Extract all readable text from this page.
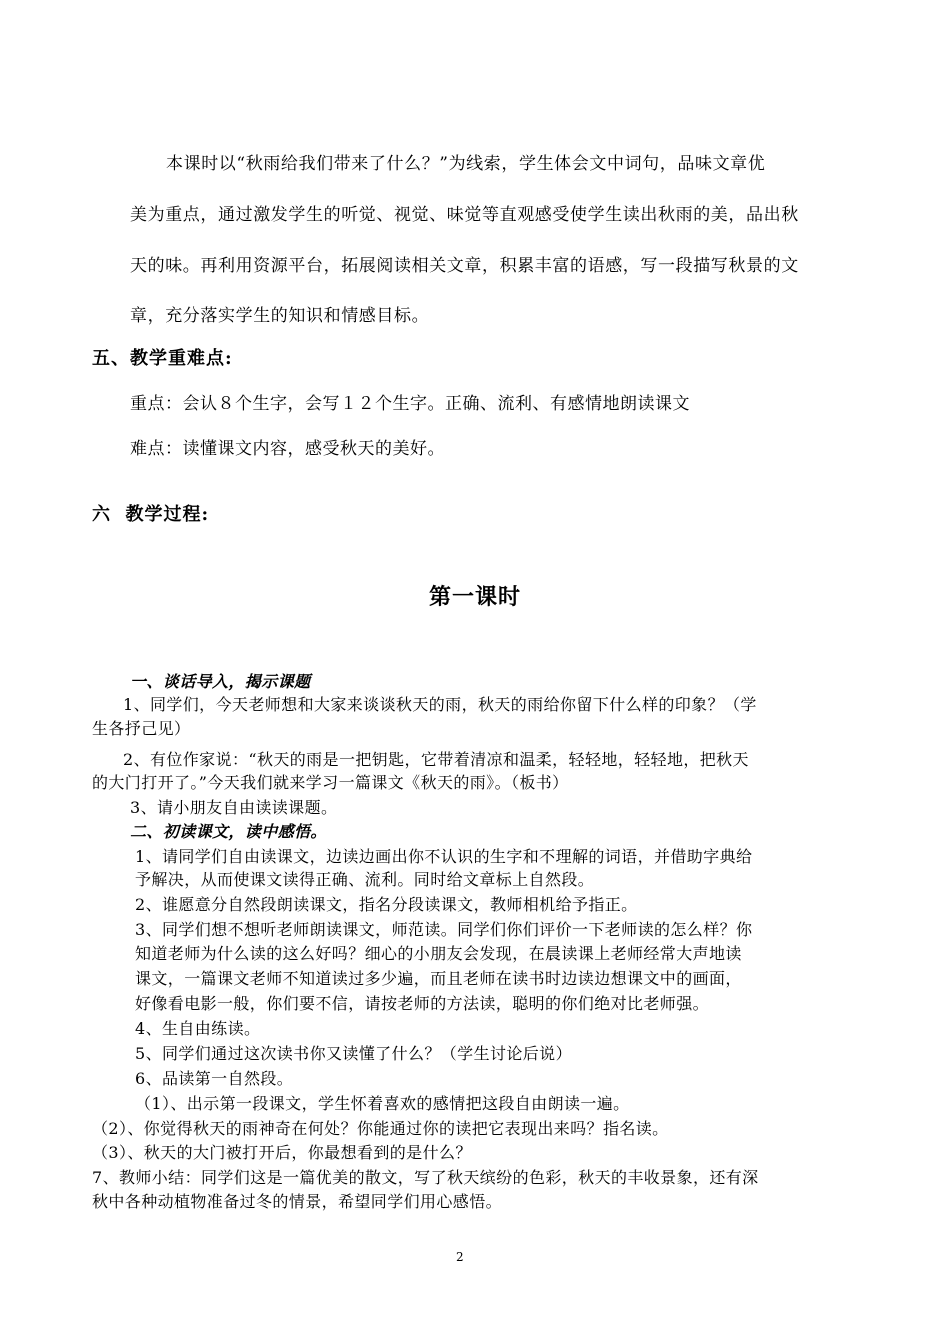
本课时以“秋雨给我们带来了什么？”为线索，学生体会文中词句，品味文章优
美为重点，通过激发学生的听觉、视觉、味觉等直观感受使学生读出秋雨的美，品出秋
天的味。再利用资源平台，拓展阅读相关文章，积累丰富的语感，写一段描写秋景的文
章，充分落实学生的知识和情感目标。
五、教学重难点:
重点：会认８个生字，会写１２个生字。正确、流利、有感情地朗读课文
难点：读懂课文内容，感受秋天的美好。
六  教学过程:
第一课时
一、谈话导入，揭示课题
1、同学们，今天老师想和大家来谈谈秋天的雨，秋天的雨给你留下什么样的印象？（学
生各抒己见）
2、有位作家说：“秋天的雨是一把钥匙，它带着清凉和温柔，轻轻地，轻轻地，把秋天
的大门打开了。”今天我们就来学习一篇课文《秋天的雨》。（板书）
3、请小朋友自由读读课题。
二、初读课文，读中感悟。
1、请同学们自由读课文，边读边画出你不认识的生字和不理解的词语，并借助字典给
予解决，从而使课文读得正确、流利。同时给文章标上自然段。
2、谁愿意分自然段朗读课文，指名分段读课文，教师相机给予指正。
3、同学们想不想听老师朗读课文，师范读。同学们你们评价一下老师读的怎么样？你
知道老师为什么读的这么好吗？细心的小朋友会发现，在晨读课上老师经常大声地读
课文，一篇课文老师不知道读过多少遍，而且老师在读书时边读边想课文中的画面，
好像看电影一般，你们要不信，请按老师的方法读，聪明的你们绝对比老师强。
4、生自由练读。
5、同学们通过这次读书你又读懂了什么？（学生讨论后说）
6、品读第一自然段。
（1）、出示第一段课文，学生怀着喜欢的感情把这段自由朗读一遍。
（2）、你觉得秋天的雨神奇在何处？你能通过你的读把它表现出来吗？指名读。
（3）、秋天的大门被打开后，你最想看到的是什么？
7、教师小结：同学们这是一篇优美的散文，写了秋天缤纷的色彩，秋天的丰收景象，还有深
秋中各种动植物准备过冬的情景，希望同学们用心感悟。
2
